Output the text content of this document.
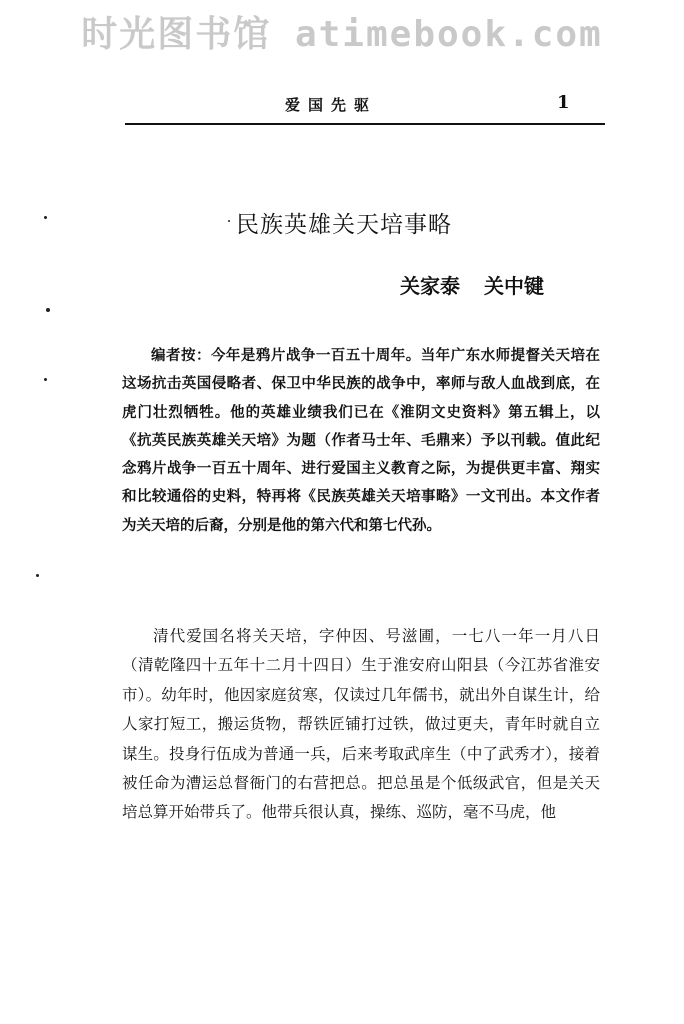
时光图书馆 atimebook.com
爱国先驱	1
民族英雄关天培事略
关家泰 关中键
编者按：今年是鸦片战争一百五十周年。当年广东水师提督关天培在这场抗击英国侵略者、保卫中华民族的战争中，率师与敌人血战到底，在虎门壮烈牺牲。他的英雄业绩我们已在《淮阴文史资料》第五辑上，以《抗英民族英雄关天培》为题（作者马士年、毛鼎来）予以刊载。值此纪念鸦片战争一百五十周年、进行爱国主义教育之际，为提供更丰富、翔实和比较通俗的史料，特再将《民族英雄关天培事略》一文刊出。本文作者为关天培的后裔，分别是他的第六代和第七代孙。
清代爱国名将关天培，字仲因、号滋圃，一七八一年一月八日（清乾隆四十五年十二月十四日）生于淮安府山阳县（今江苏省淮安市）。幼年时，他因家庭贫寒，仅读过几年儒书，就出外自谋生计，给人家打短工，搬运货物，帮铁匠铺打过铁，做过更夫，青年时就自立谋生。投身行伍成为普通一兵，后来考取武庠生（中了武秀才），接着被任命为漕运总督衙门的右营把总。把总虽是个低级武官，但是关天培总算开始带兵了。他带兵很认真，操练、巡防，毫不马虎，他
